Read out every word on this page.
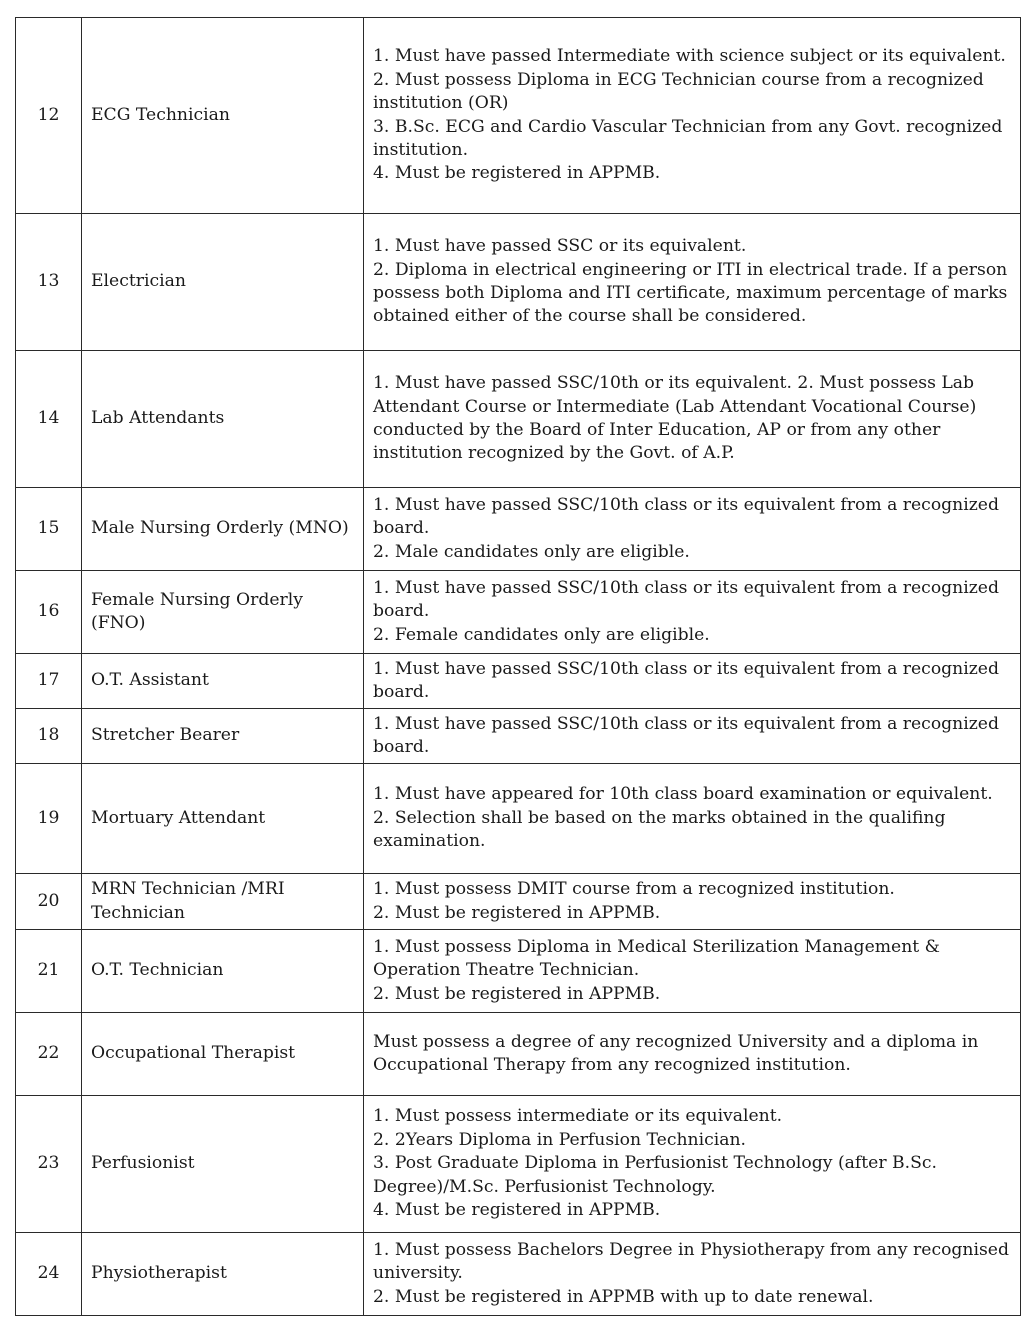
12	ECG Technician	1. Must have passed Intermediate with science subject or its equivalent.
2. Must possess Diploma in ECG Technician course from a recognized institution (OR)
3. B.Sc. ECG and Cardio Vascular Technician from any Govt. recognized institution.
4. Must be registered in APPMB.
13	Electrician	1. Must have passed SSC or its equivalent.
2. Diploma in electrical engineering or ITI in electrical trade. If a person possess both Diploma and ITI certificate, maximum percentage of marks obtained either of the course shall be considered.
14	Lab Attendants	1. Must have passed SSC/10th or its equivalent. 2. Must possess Lab Attendant Course or Intermediate (Lab Attendant Vocational Course) conducted by the Board of Inter Education, AP or from any other institution recognized by the Govt. of A.P.
15	Male Nursing Orderly (MNO)	1. Must have passed SSC/10th class or its equivalent from a recognized board.
2. Male candidates only are eligible.
16	Female Nursing Orderly (FNO)	1. Must have passed SSC/10th class or its equivalent from a recognized board.
2. Female candidates only are eligible.
17	O.T. Assistant	1. Must have passed SSC/10th class or its equivalent from a recognized board.
18	Stretcher Bearer	1. Must have passed SSC/10th class or its equivalent from a recognized board.
19	Mortuary Attendant	1. Must have appeared for 10th class board examination or equivalent.
2. Selection shall be based on the marks obtained in the qualifing examination.
20	MRN Technician /MRI Technician	1. Must possess DMIT course from a recognized institution.
2. Must be registered in APPMB.
21	O.T. Technician	1. Must possess Diploma in Medical Sterilization Management & Operation Theatre Technician.
2. Must be registered in APPMB.
22	Occupational Therapist	Must possess a degree of any recognized University and a diploma in Occupational Therapy from any recognized institution.
23	Perfusionist	1. Must possess intermediate or its equivalent.
2. 2Years Diploma in Perfusion Technician.
3. Post Graduate Diploma in Perfusionist Technology (after B.Sc. Degree)/M.Sc. Perfusionist Technology.
4. Must be registered in APPMB.
24	Physiotherapist	1. Must possess Bachelors Degree in Physiotherapy from any recognised university.
2. Must be registered in APPMB with up to date renewal.
